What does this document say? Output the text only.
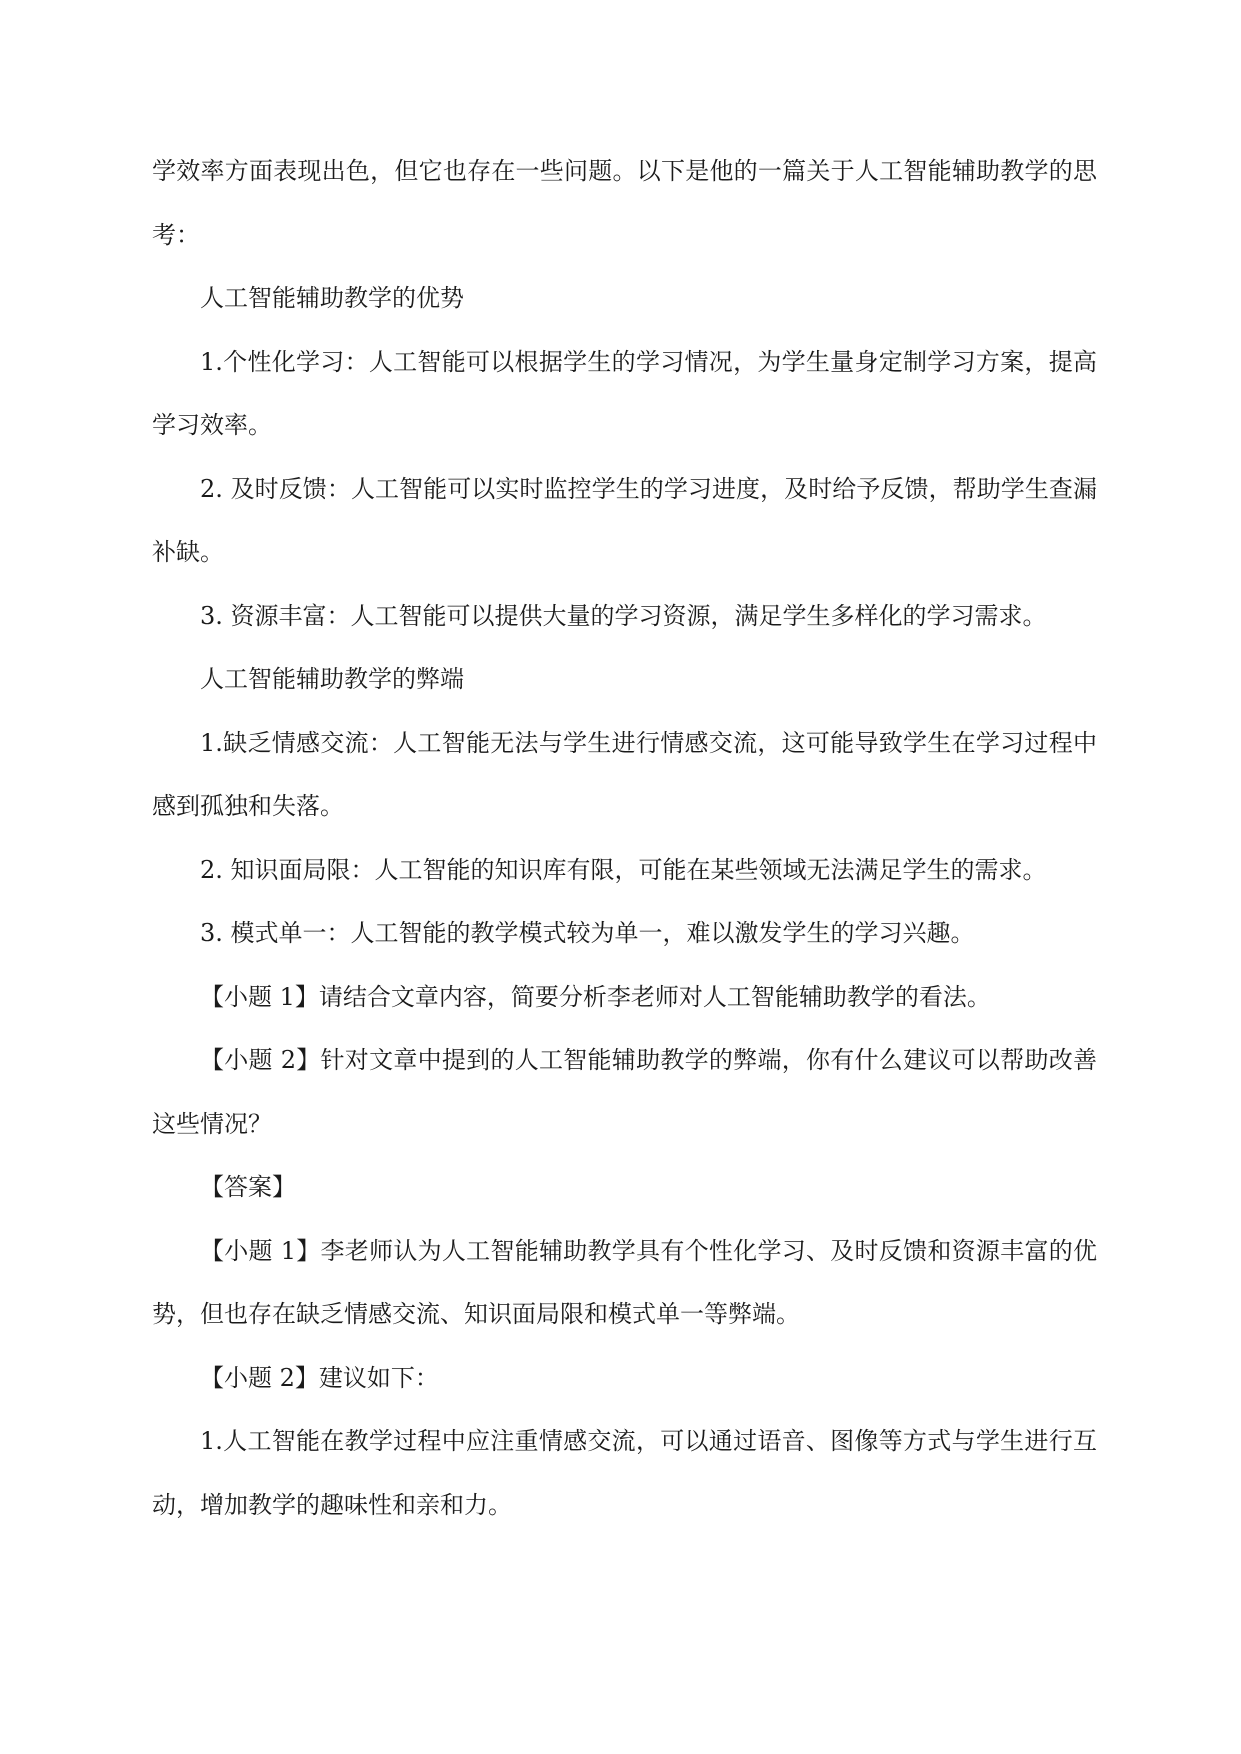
学效率方面表现出色，但它也存在一些问题。以下是他的一篇关于人工智能辅助教学的思考：

人工智能辅助教学的优势

1.个性化学习：人工智能可以根据学生的学习情况，为学生量身定制学习方案，提高学习效率。

2. 及时反馈：人工智能可以实时监控学生的学习进度，及时给予反馈，帮助学生查漏补缺。

3. 资源丰富：人工智能可以提供大量的学习资源，满足学生多样化的学习需求。

人工智能辅助教学的弊端

1.缺乏情感交流：人工智能无法与学生进行情感交流，这可能导致学生在学习过程中感到孤独和失落。

2. 知识面局限：人工智能的知识库有限，可能在某些领域无法满足学生的需求。

3. 模式单一：人工智能的教学模式较为单一，难以激发学生的学习兴趣。

【小题 1】请结合文章内容，简要分析李老师对人工智能辅助教学的看法。

【小题 2】针对文章中提到的人工智能辅助教学的弊端，你有什么建议可以帮助改善这些情况？

【答案】

【小题 1】李老师认为人工智能辅助教学具有个性化学习、及时反馈和资源丰富的优势，但也存在缺乏情感交流、知识面局限和模式单一等弊端。

【小题 2】建议如下：

1.人工智能在教学过程中应注重情感交流，可以通过语音、图像等方式与学生进行互动，增加教学的趣味性和亲和力。
